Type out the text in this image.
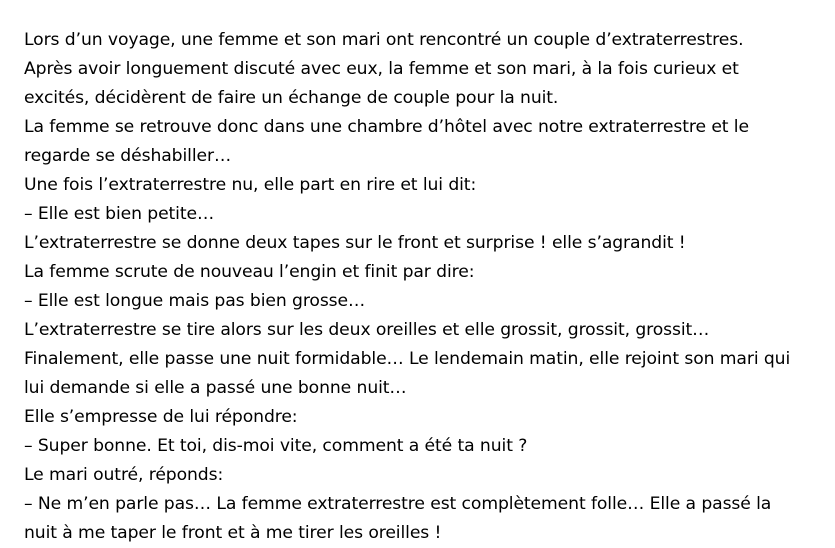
Lors d’un voyage, une femme et son mari ont rencontré un couple d’extraterrestres.

Après avoir longuement discuté avec eux, la femme et son mari, à la fois curieux et excités, décidèrent de faire un échange de couple pour la nuit.

La femme se retrouve donc dans une chambre d’hôtel avec notre extraterrestre et le regarde se déshabiller…

Une fois l’extraterrestre nu, elle part en rire et lui dit:

– Elle est bien petite…

L’extraterrestre se donne deux tapes sur le front et surprise ! elle s’agrandit !

La femme scrute de nouveau l’engin et finit par dire:

– Elle est longue mais pas bien grosse…

L’extraterrestre se tire alors sur les deux oreilles et elle grossit, grossit, grossit…

Finalement, elle passe une nuit formidable… Le lendemain matin, elle rejoint son mari qui lui demande si elle a passé une bonne nuit…

Elle s’empresse de lui répondre:

– Super bonne. Et toi, dis-moi vite, comment a été ta nuit ?

Le mari outré, réponds:

– Ne m’en parle pas… La femme extraterrestre est complètement folle… Elle a passé la nuit à me taper le front et à me tirer les oreilles !
